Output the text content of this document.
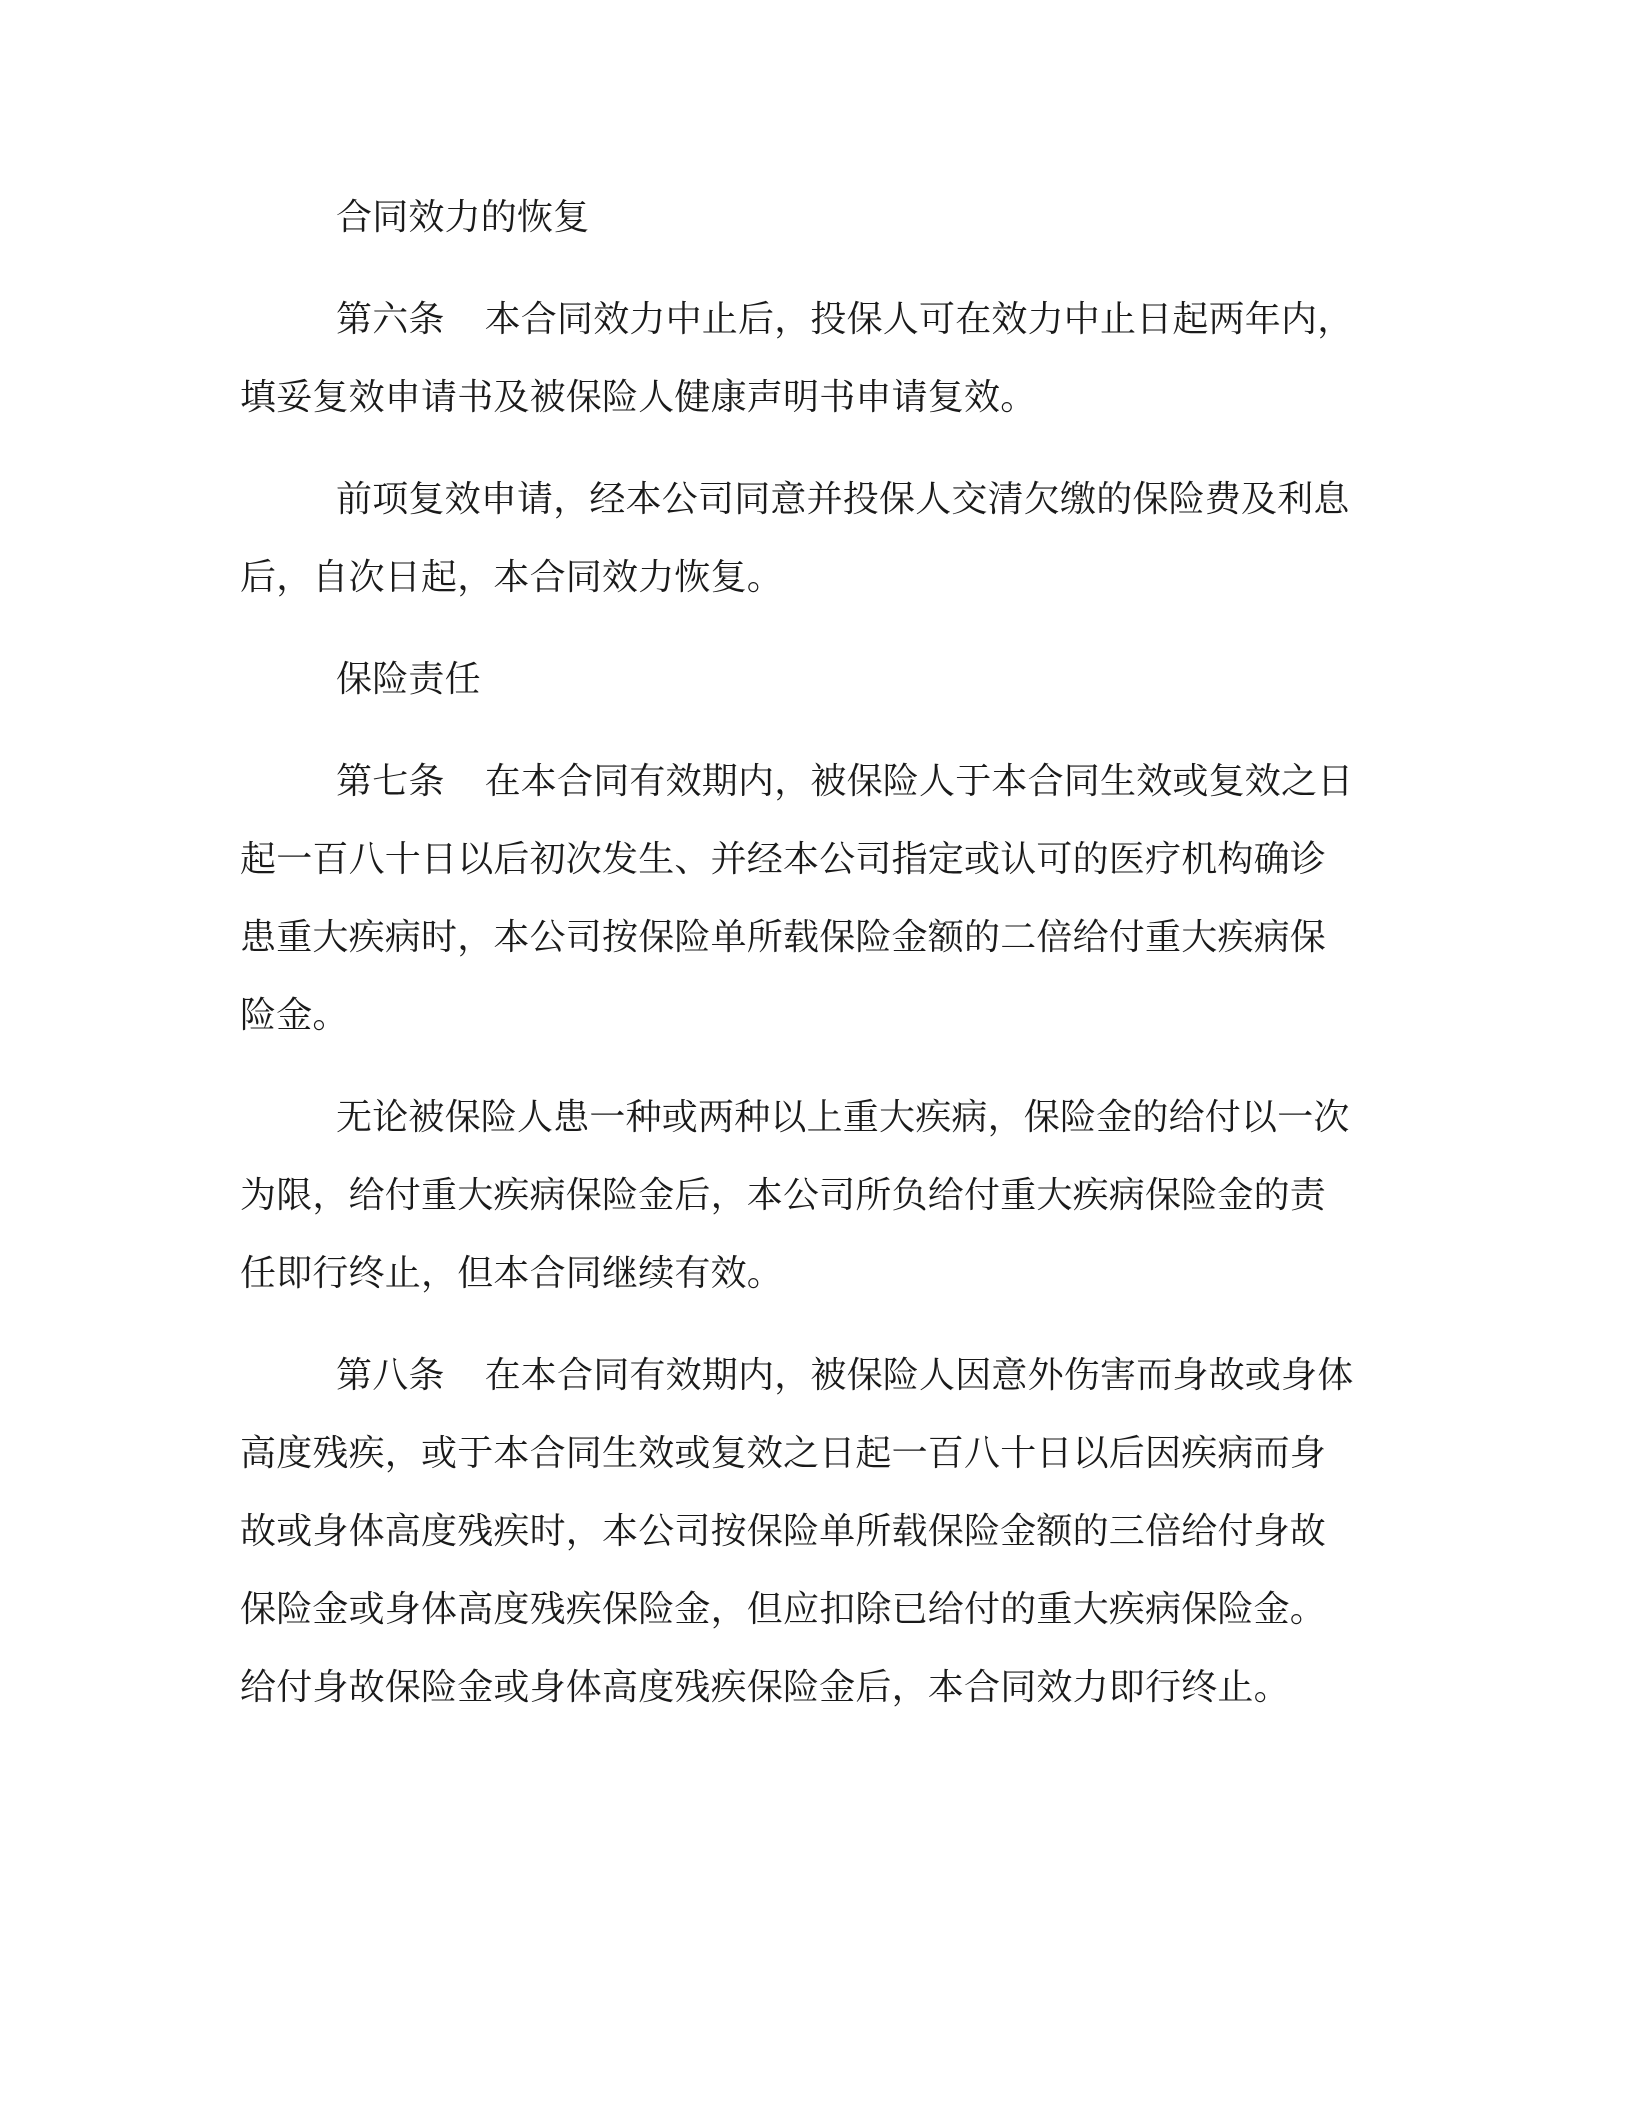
合同效力的恢复
第六条 本合同效力中止后，投保人可在效力中止日起两年内，
填妥复效申请书及被保险人健康声明书申请复效。
前项复效申请，经本公司同意并投保人交清欠缴的保险费及利息
后，自次日起，本合同效力恢复。
保险责任
第七条 在本合同有效期内，被保险人于本合同生效或复效之日
起一百八十日以后初次发生、并经本公司指定或认可的医疗机构确诊
患重大疾病时，本公司按保险单所载保险金额的二倍给付重大疾病保
险金。
无论被保险人患一种或两种以上重大疾病，保险金的给付以一次
为限，给付重大疾病保险金后，本公司所负给付重大疾病保险金的责
任即行终止，但本合同继续有效。
第八条 在本合同有效期内，被保险人因意外伤害而身故或身体
高度残疾，或于本合同生效或复效之日起一百八十日以后因疾病而身
故或身体高度残疾时，本公司按保险单所载保险金额的三倍给付身故
保险金或身体高度残疾保险金，但应扣除已给付的重大疾病保险金。
给付身故保险金或身体高度残疾保险金后，本合同效力即行终止。
